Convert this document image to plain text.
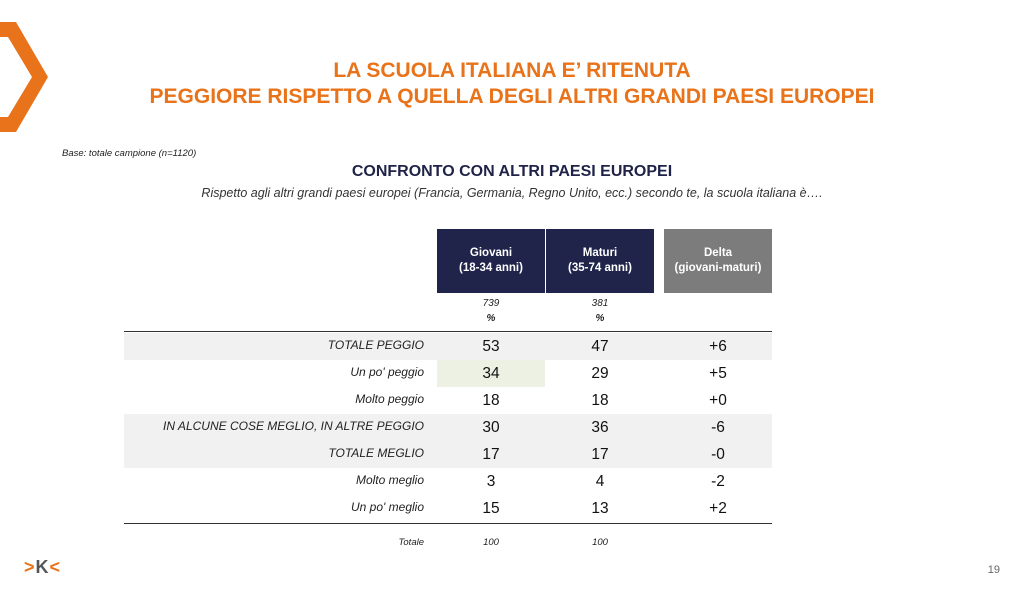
LA SCUOLA ITALIANA E’ RITENUTA
PEGGIORE RISPETTO A QUELLA DEGLI ALTRI GRANDI PAESI EUROPEI
Base: totale campione (n=1120)
CONFRONTO CON ALTRI PAESI EUROPEI
Rispetto agli altri grandi paesi europei (Francia, Germania, Regno Unito, ecc.) secondo te, la scuola italiana è….
Giovani
(18-34 anni)
Maturi
(35-74 anni)
Delta
(giovani-maturi)
739
%
381
%
TOTALE PEGGIO	53	47	+6
Un po' peggio	34	29	+5
Molto peggio	18	18	+0
IN ALCUNE COSE MEGLIO, IN ALTRE PEGGIO	30	36	-6
TOTALE MEGLIO	17	17	-0
Molto meglio	3	4	-2
Un po' meglio	15	13	+2
Totale	100	100
>K<	19
